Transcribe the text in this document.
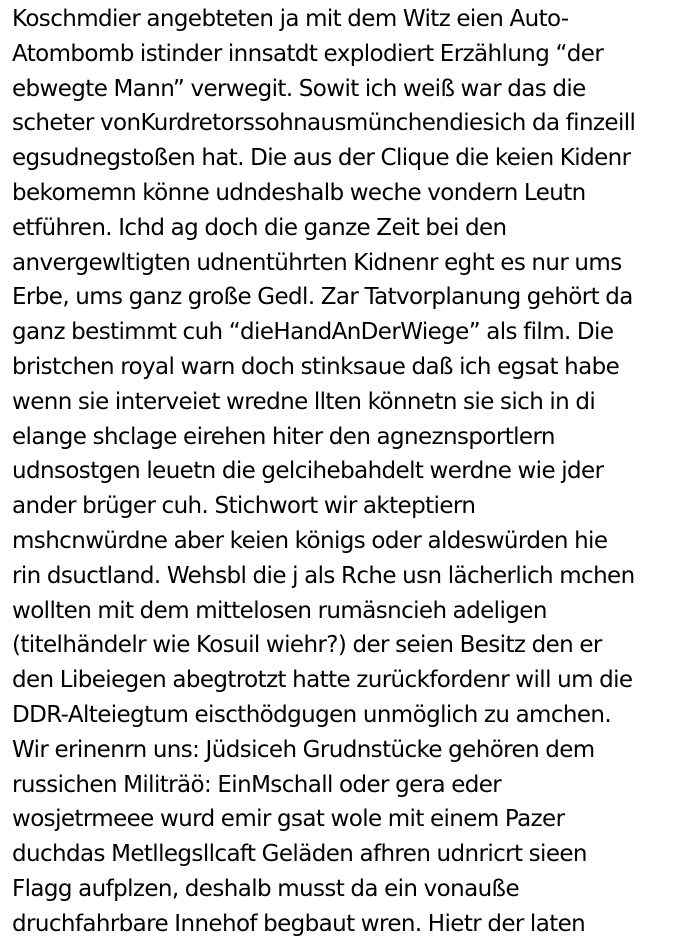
Koschmdier angebteten ja mit dem Witz eien Auto-
Atombomb istinder innsatdt explodiert Erzählung “der
ebwegte Mann” verwegit. Sowit ich weiß war das die
scheter vonKurdretorssohnausmünchendiesich da finzeill
egsudnegstoßen hat. Die aus der Clique die keien Kidenr
bekomemn könne udndeshalb weche vondern Leutn
etführen. Ichd ag doch die ganze Zeit bei den
anvergewltigten udnentührten Kidnenr eght es nur ums
Erbe, ums ganz große Gedl. Zar Tatvorplanung gehört da
ganz bestimmt cuh “dieHandAnDerWiege” als film. Die
bristchen royal warn doch stinksaue daß ich egsat habe
wenn sie interveiet wredne llten könnetn sie sich in di
elange shclage eirehen hiter den agneznsportlern
udnsostgen leuetn die gelcihebahdelt werdne wie jder
ander brüger cuh. Stichwort wir akteptiern
mshcnwürdne aber keien königs oder aldeswürden hie
rin dsuctland. Wehsbl die j als Rche usn lächerlich mchen
wollten mit dem mittelosen rumäsncieh adeligen
(titelhändelr wie Kosuil wiehr?) der seien Besitz den er
den Libeiegen abegtrotzt hatte zurückfordenr will um die
DDR-Alteiegtum eiscthödgugen unmöglich zu amchen.
Wir erinenrn uns: Jüdsiceh Grudnstücke gehören dem
russichen Militräö: EinMschall oder gera eder
wosjetrmeee wurd emir gsat wole mit einem Pazer
duchdas Metllegsllcaft Geläden afhren udnricrt sieen
Flagg aufplzen, deshalb musst da ein vonauße
druchfahrbare Innehof begbaut wren. Hietr der laten
